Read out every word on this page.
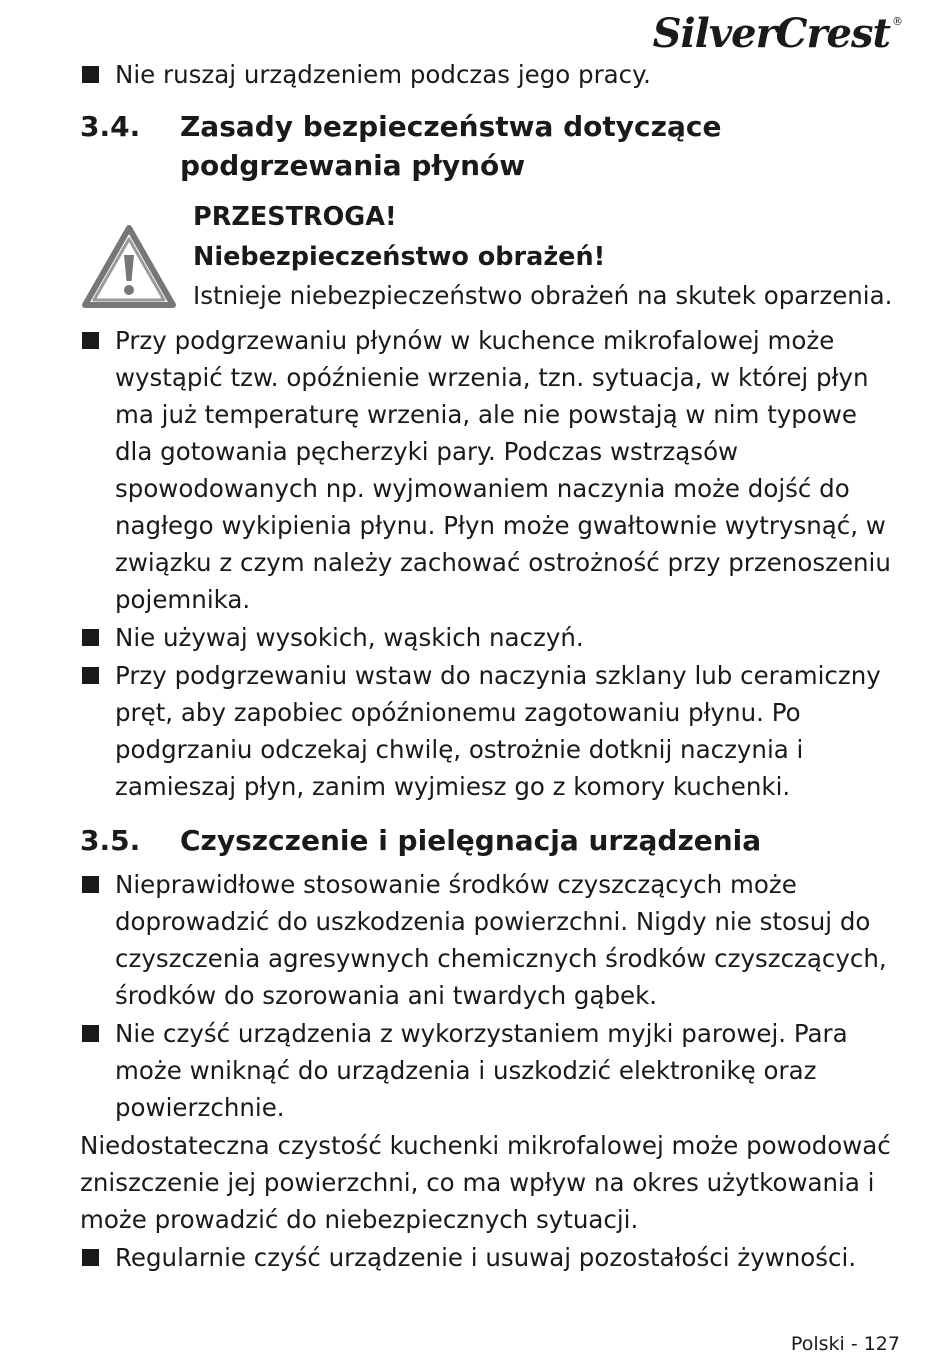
SilverCrest ®
Nie ruszaj urządzeniem podczas jego pracy.
3.4.	Zasady bezpieczeństwa dotyczące podgrzewania płynów
PRZESTROGA!
Niebezpieczeństwo obrażeń!
Istnieje niebezpieczeństwo obrażeń na skutek oparzenia.
Przy podgrzewaniu płynów w kuchence mikrofalowej może wystąpić tzw. opóźnienie wrzenia, tzn. sytuacja, w której płyn ma już temperaturę wrzenia, ale nie powstają w nim typowe dla gotowania pęcherzyki pary. Podczas wstrząsów spowodowanych np. wyjmowaniem naczynia może dojść do nagłego wykipienia płynu. Płyn może gwałtownie wytrysnąć, w związku z czym należy zachować ostrożność przy przenoszeniu pojemnika.
Nie używaj wysokich, wąskich naczyń.
Przy podgrzewaniu wstaw do naczynia szklany lub ceramiczny pręt, aby zapobiec opóźnionemu zagotowaniu płynu. Po podgrzaniu odczekaj chwilę, ostrożnie dotknij naczynia i zamieszaj płyn, zanim wyjmiesz go z komory kuchenki.
3.5.	Czyszczenie i pielęgnacja urządzenia
Nieprawidłowe stosowanie środków czyszczących może doprowadzić do uszkodzenia powierzchni. Nigdy nie stosuj do czyszczenia agresywnych chemicznych środków czyszczących, środków do szorowania ani twardych gąbek.
Nie czyść urządzenia z wykorzystaniem myjki parowej. Para może wniknąć do urządzenia i uszkodzić elektronikę oraz powierzchnie.
Niedostateczna czystość kuchenki mikrofalowej może powodować zniszczenie jej powierzchni, co ma wpływ na okres użytkowania i może prowadzić do niebezpiecznych sytuacji.
Regularnie czyść urządzenie i usuwaj pozostałości żywności.
Polski - 127
